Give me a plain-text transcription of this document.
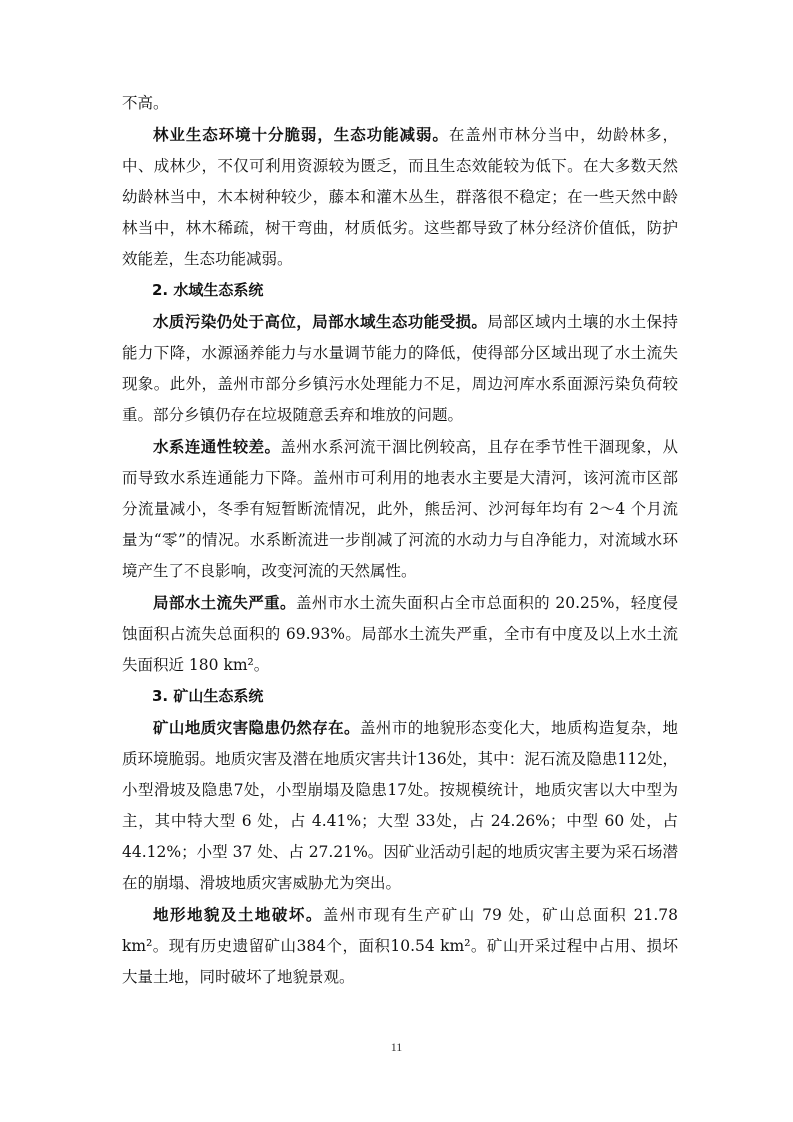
不高。

林业生态环境十分脆弱，生态功能减弱。在盖州市林分当中，幼龄林多，中、成林少，不仅可利用资源较为匮乏，而且生态效能较为低下。在大多数天然幼龄林当中，木本树种较少，藤本和灌木丛生，群落很不稳定；在一些天然中龄林当中，林木稀疏，树干弯曲，材质低劣。这些都导致了林分经济价值低，防护效能差，生态功能减弱。

2. 水域生态系统

水质污染仍处于高位，局部水域生态功能受损。局部区域内土壤的水土保持能力下降，水源涵养能力与水量调节能力的降低，使得部分区域出现了水土流失现象。此外，盖州市部分乡镇污水处理能力不足，周边河库水系面源污染负荷较重。部分乡镇仍存在垃圾随意丢弃和堆放的问题。

水系连通性较差。盖州水系河流干涸比例较高，且存在季节性干涸现象，从而导致水系连通能力下降。盖州市可利用的地表水主要是大清河，该河流市区部分流量减小，冬季有短暂断流情况，此外，熊岳河、沙河每年均有 2～4 个月流量为“零”的情况。水系断流进一步削减了河流的水动力与自净能力，对流域水环境产生了不良影响，改变河流的天然属性。

局部水土流失严重。盖州市水土流失面积占全市总面积的 20.25%，轻度侵蚀面积占流失总面积的 69.93%。局部水土流失严重，全市有中度及以上水土流失面积近 180 km²。

3. 矿山生态系统

矿山地质灾害隐患仍然存在。盖州市的地貌形态变化大，地质构造复杂，地质环境脆弱。地质灾害及潜在地质灾害共计136处，其中：泥石流及隐患112处，小型滑坡及隐患7处，小型崩塌及隐患17处。按规模统计，地质灾害以大中型为主，其中特大型 6 处，占 4.41%；大型 33处，占 24.26%；中型 60 处，占 44.12%；小型 37 处、占 27.21%。因矿业活动引起的地质灾害主要为采石场潜在的崩塌、滑坡地质灾害威胁尤为突出。

地形地貌及土地破坏。盖州市现有生产矿山 79 处，矿山总面积 21.78 km²。现有历史遗留矿山384个，面积10.54 km²。矿山开采过程中占用、损坏大量土地，同时破坏了地貌景观。

11
